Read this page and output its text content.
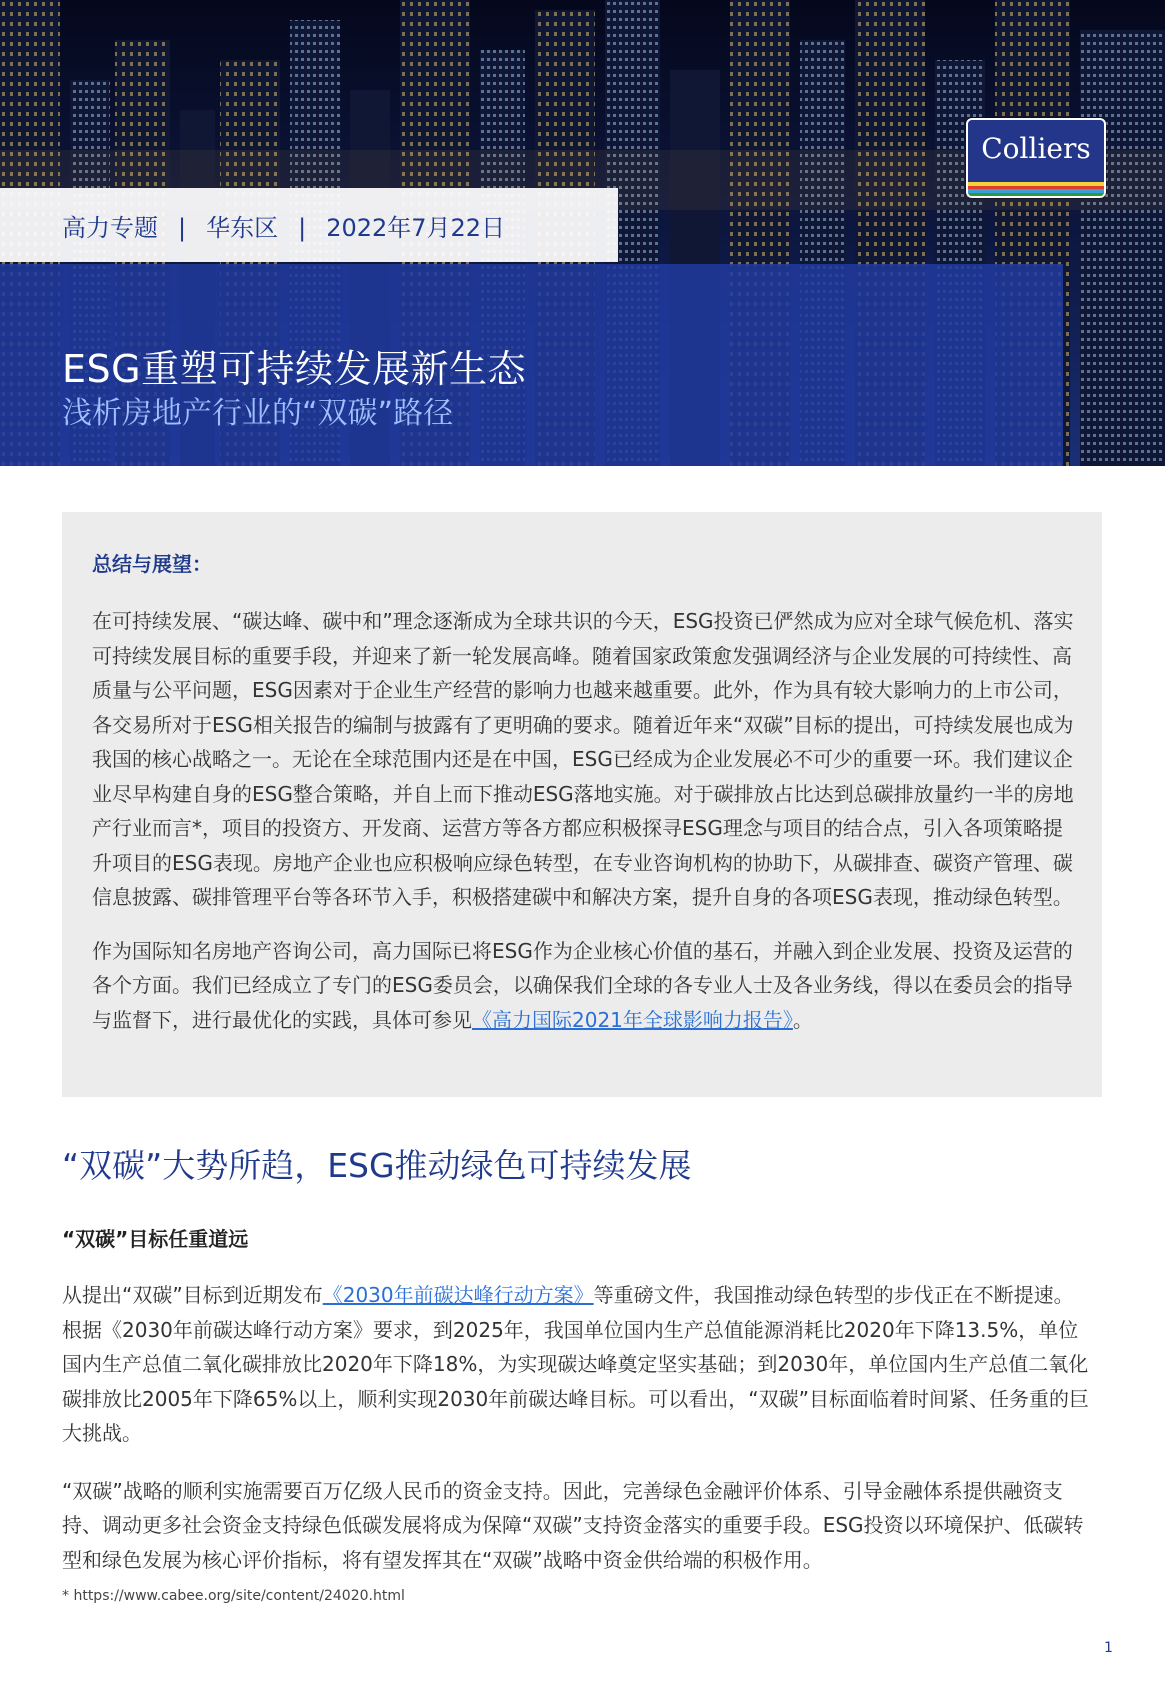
高力专题 | 华东区 | 2022年7月22日
ESG重塑可持续发展新生态
浅析房地产行业的“双碳”路径
Colliers
总结与展望：

在可持续发展、“碳达峰、碳中和”理念逐渐成为全球共识的今天，ESG投资已俨然成为应对全球气候危机、落实可持续发展目标的重要手段，并迎来了新一轮发展高峰。随着国家政策愈发强调经济与企业发展的可持续性、高质量与公平问题，ESG因素对于企业生产经营的影响力也越来越重要。此外，作为具有较大影响力的上市公司，各交易所对于ESG相关报告的编制与披露有了更明确的要求。随着近年来“双碳”目标的提出，可持续发展也成为我国的核心战略之一。无论在全球范围内还是在中国，ESG已经成为企业发展必不可少的重要一环。我们建议企业尽早构建自身的ESG整合策略，并自上而下推动ESG落地实施。对于碳排放占比达到总碳排放量约一半的房地产行业而言*，项目的投资方、开发商、运营方等各方都应积极探寻ESG理念与项目的结合点，引入各项策略提升项目的ESG表现。房地产企业也应积极响应绿色转型，在专业咨询机构的协助下，从碳排查、碳资产管理、碳信息披露、碳排管理平台等各环节入手，积极搭建碳中和解决方案，提升自身的各项ESG表现，推动绿色转型。

作为国际知名房地产咨询公司，高力国际已将ESG作为企业核心价值的基石，并融入到企业发展、投资及运营的各个方面。我们已经成立了专门的ESG委员会，以确保我们全球的各专业人士及各业务线，得以在委员会的指导与监督下，进行最优化的实践，具体可参见《高力国际2021年全球影响力报告》。

“双碳”大势所趋，ESG推动绿色可持续发展
“双碳”目标任重道远

从提出“双碳”目标到近期发布《2030年前碳达峰行动方案》等重磅文件，我国推动绿色转型的步伐正在不断提速。根据《2030年前碳达峰行动方案》要求，到2025年，我国单位国内生产总值能源消耗比2020年下降13.5%，单位国内生产总值二氧化碳排放比2020年下降18%，为实现碳达峰奠定坚实基础；到2030年，单位国内生产总值二氧化碳排放比2005年下降65%以上，顺利实现2030年前碳达峰目标。可以看出，“双碳”目标面临着时间紧、任务重的巨大挑战。

“双碳”战略的顺利实施需要百万亿级人民币的资金支持。因此，完善绿色金融评价体系、引导金融体系提供融资支持、调动更多社会资金支持绿色低碳发展将成为保障“双碳”支持资金落实的重要手段。ESG投资以环境保护、低碳转型和绿色发展为核心评价指标，将有望发挥其在“双碳”战略中资金供给端的积极作用。

* https://www.cabee.org/site/content/24020.html
1
